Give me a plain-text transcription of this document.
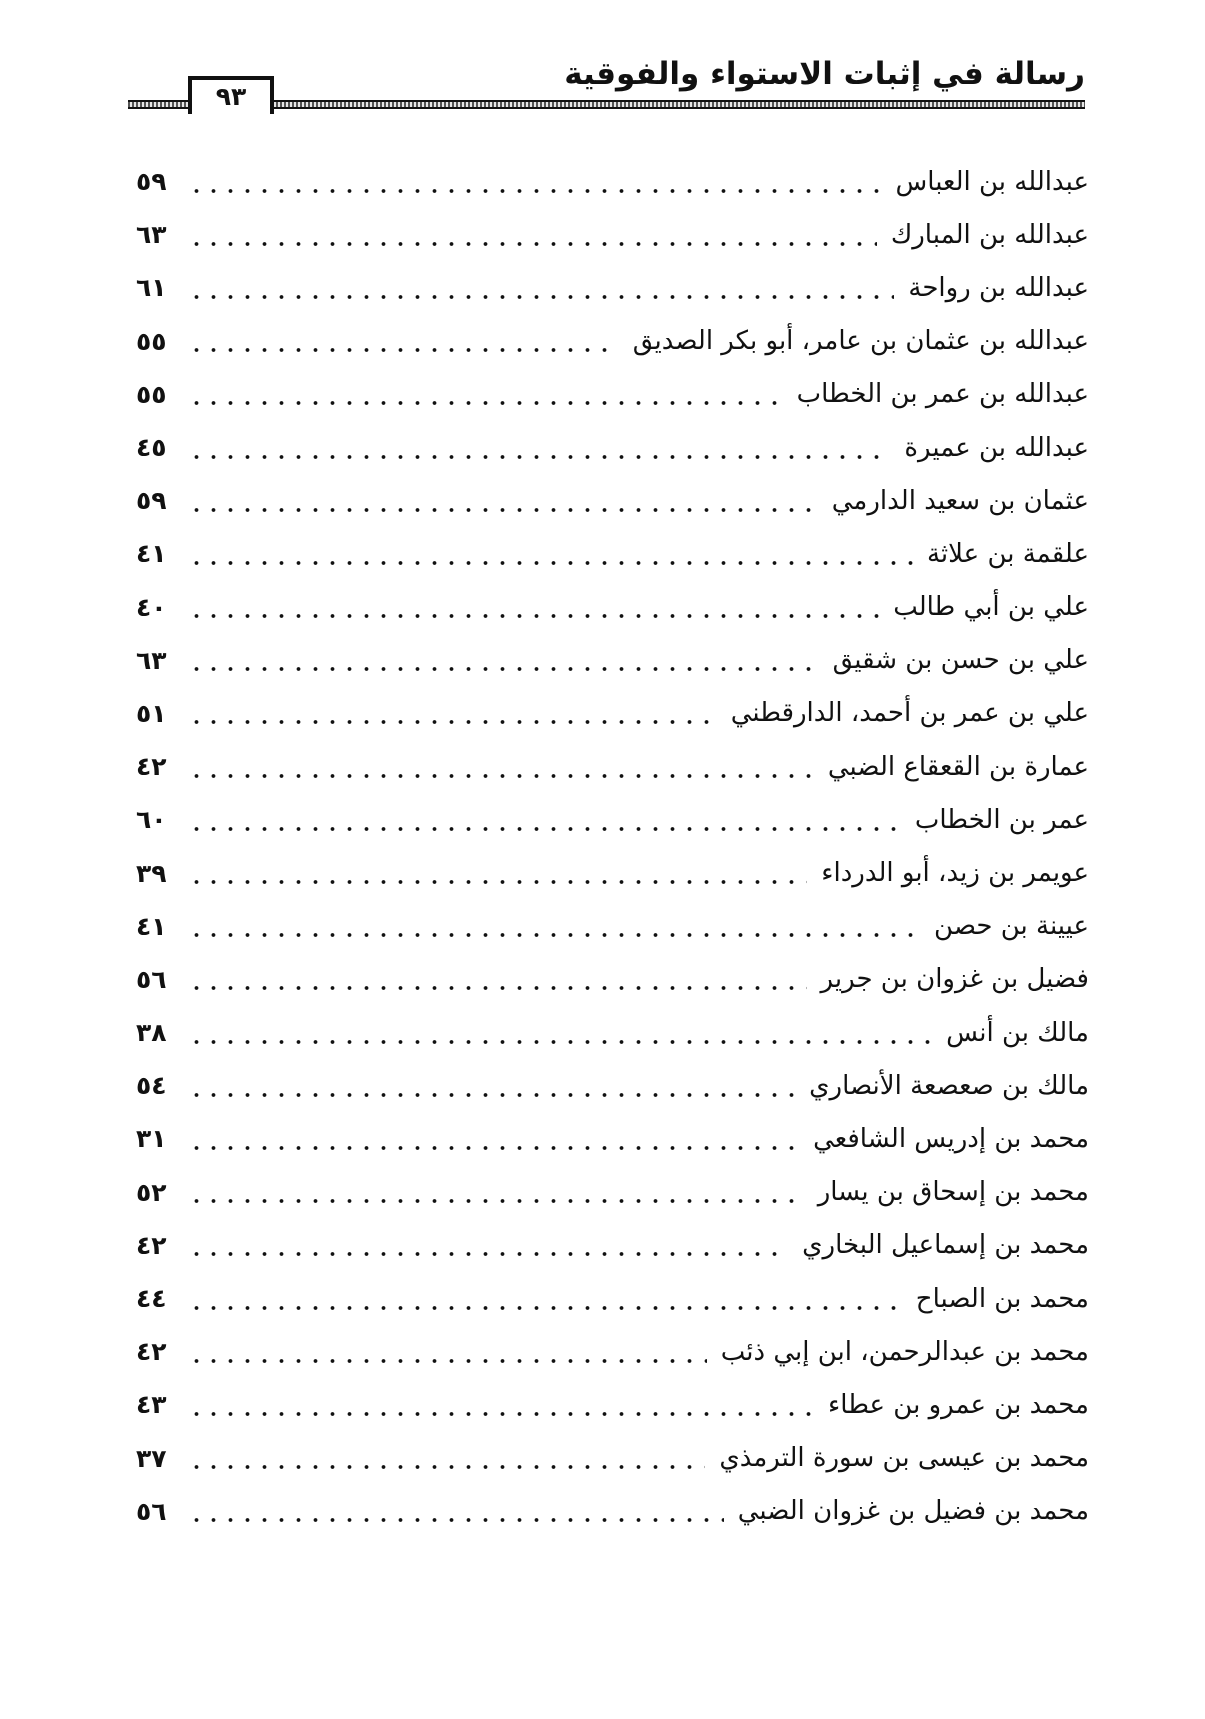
رسالة في إثبات الاستواء والفوقية
٩٣
عبدالله بن العباس
٥٩
عبدالله بن المبارك
٦٣
عبدالله بن رواحة
٦١
عبدالله بن عثمان بن عامر، أبو بكر الصديق
٥٥
عبدالله بن عمر بن الخطاب
٥٥
عبدالله بن عميرة
٤٥
عثمان بن سعيد الدارمي
٥٩
علقمة بن علاثة
٤١
علي بن أبي طالب
٤٠
علي بن حسن بن شقيق
٦٣
علي بن عمر بن أحمد، الدارقطني
٥١
عمارة بن القعقاع الضبي
٤٢
عمر بن الخطاب
٦٠
عويمر بن زيد، أبو الدرداء
٣٩
عيينة بن حصن
٤١
فضيل بن غزوان بن جرير
٥٦
مالك بن أنس
٣٨
مالك بن صعصعة الأنصاري
٥٤
محمد بن إدريس الشافعي
٣١
محمد بن إسحاق بن يسار
٥٢
محمد بن إسماعيل البخاري
٤٢
محمد بن الصباح
٤٤
محمد بن عبدالرحمن، ابن إبي ذئب
٤٢
محمد بن عمرو بن عطاء
٤٣
محمد بن عيسى بن سورة الترمذي
٣٧
محمد بن فضيل بن غزوان الضبي
٥٦
